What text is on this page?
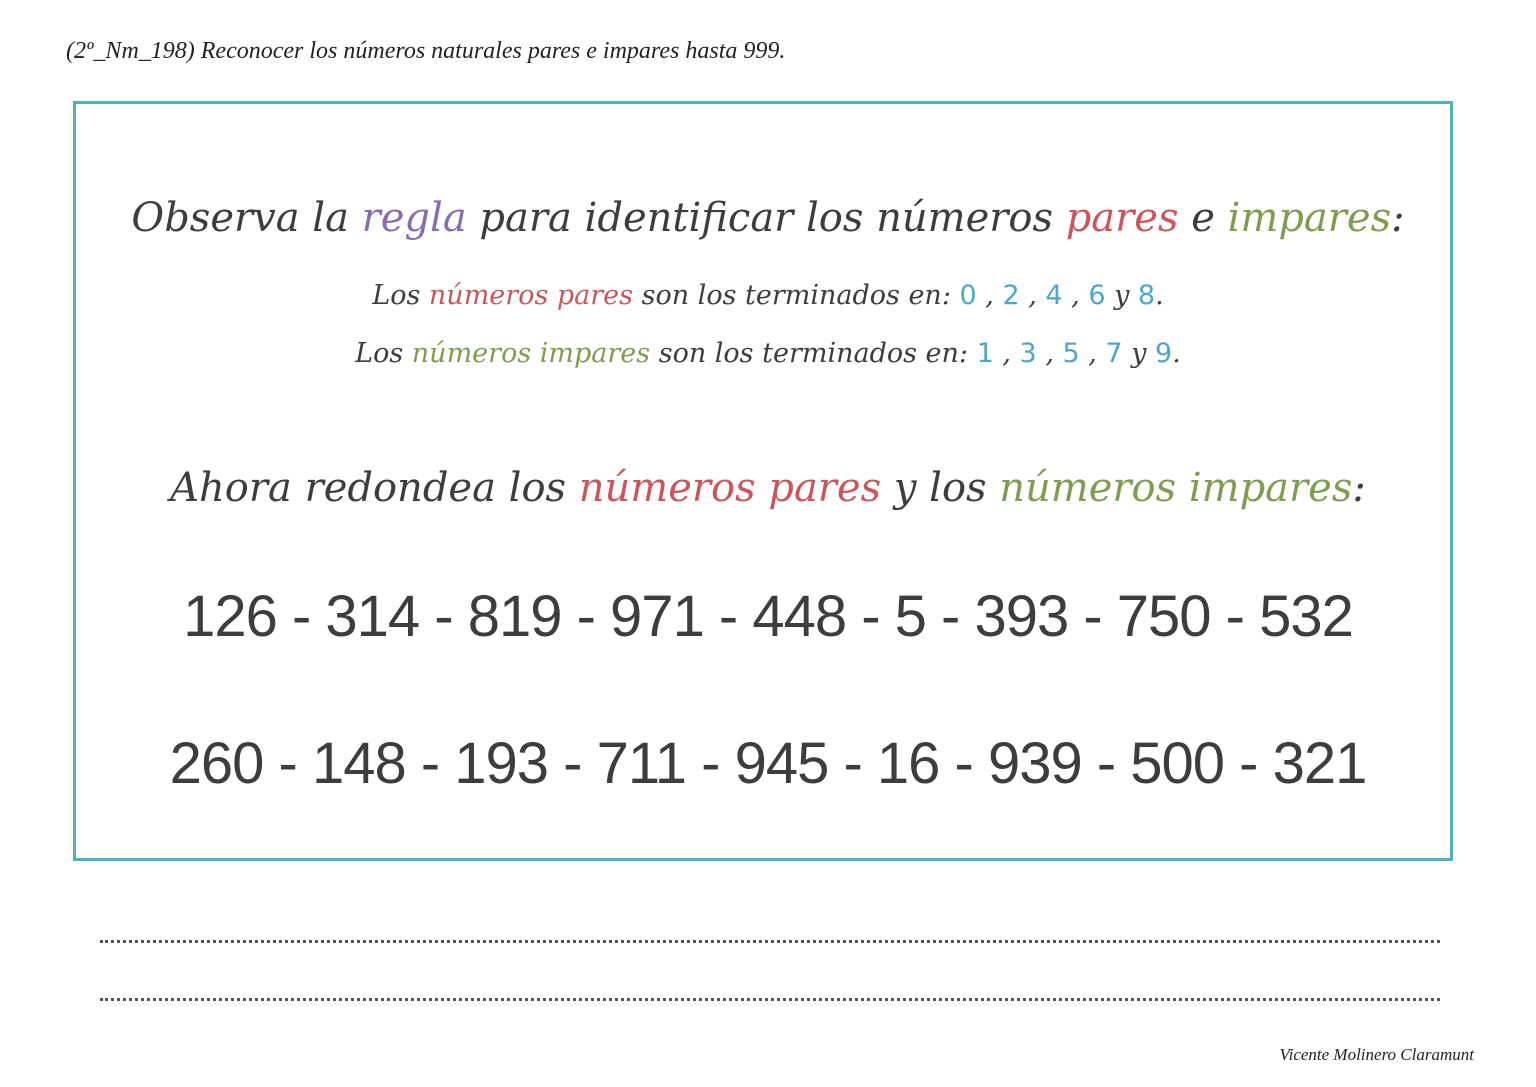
(2º_Nm_198) Reconocer los números naturales pares e impares hasta 999.
Observa la regla para identificar los números pares e impares:
Los números pares son los terminados en: 0 , 2 , 4 , 6 y 8.
Los números impares son los terminados en: 1 , 3 , 5 , 7 y 9.
Ahora redondea los números pares y los números impares:
126 - 314 - 819 - 971 - 448 - 5 - 393 - 750 - 532
260 - 148 - 193 - 711 - 945 - 16 - 939 - 500 - 321
Vicente Molinero Claramunt
